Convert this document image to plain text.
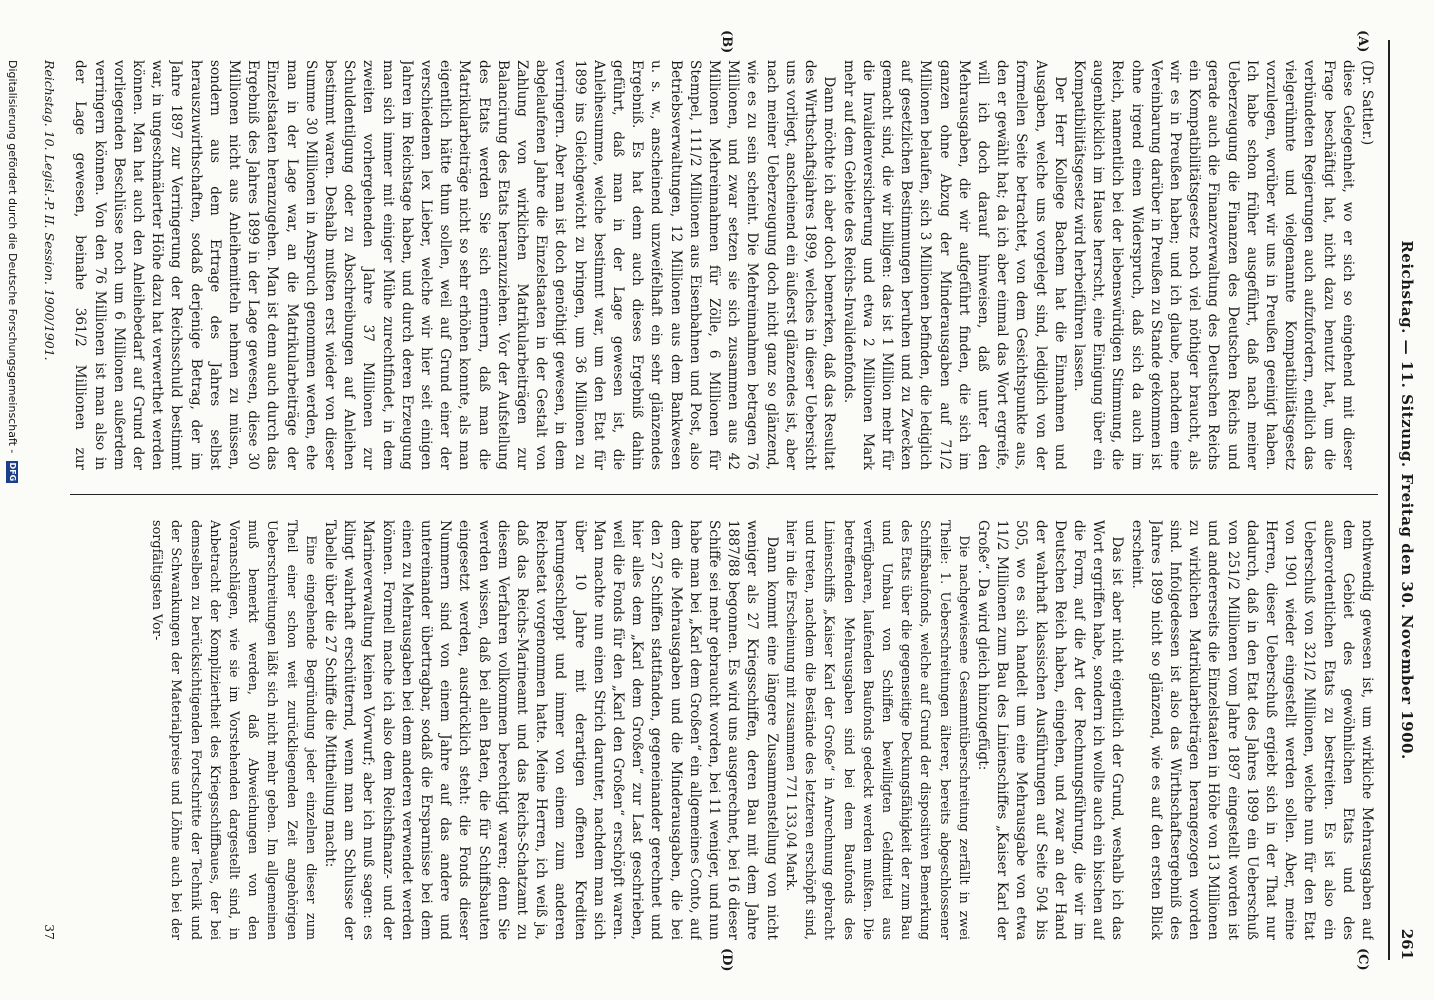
Reichstag. — 11. Sitzung. Freitag den 30. November 1900.
261
(A)
(B)
(C)
(D)

(Dr. Sattler.)

diese Gelegenheit, wo er sich so eingehend mit dieser Frage beschäftigt hat, nicht dazu benutzt hat, um die verbündeten Regierungen auch aufzufordern, endlich das vielgerühmte und vielgenannte Kompatibilitätsgesetz vorzulegen, worüber wir uns in Preußen geeinigt haben. Ich habe schon früher ausgeführt, daß nach meiner Ueberzeugung die Finanzen des Deutschen Reichs und gerade auch die Finanzverwaltung des Deutschen Reichs ein Kompatibilitätsgesetz noch viel nöthiger braucht, als wir es in Preußen haben; und ich glaube, nachdem eine Vereinbarung darüber in Preußen zu Stande gekommen ist ohne irgend einen Widerspruch, daß sich da auch im Reich, namentlich bei der liebenswürdigen Stimmung, die augenblicklich im Hause herrscht, eine Einigung über ein Kompatibilitätsgesetz wird herbeiführen lassen.

Der Herr Kollege Bachem hat die Einnahmen und Ausgaben, welche uns vorgelegt sind, lediglich von der formellen Seite betrachtet, von dem Gesichtspunkte aus, den er gewählt hat; da ich aber einmal das Wort ergreife, will ich doch darauf hinweisen, daß unter den Mehrausgaben, die wir aufgeführt finden, die sich im ganzen ohne Abzug der Minderausgaben auf 71/2 Millionen belaufen, sich 3 Millionen befinden, die lediglich auf gesetzlichen Bestimmungen beruhen und zu Zwecken gemacht sind, die wir billigen: das ist 1 Million mehr für die Invalidenversicherung und etwa 2 Millionen Mark mehr auf dem Gebiete des Reichs-Invalidenfonds.

Dann möchte ich aber doch bemerken, daß das Resultat des Wirthschaftsjahres 1899, welches in dieser Uebersicht uns vorliegt, anscheinend ein äußerst glänzendes ist, aber nach meiner Ueberzeugung doch nicht ganz so glänzend, wie es zu sein scheint. Die Mehreinnahmen betragen 76 Millionen, und zwar setzen sie sich zusammen aus 42 Millionen Mehreinnahmen für Zölle, 6 Millionen für Stempel, 111/2 Millionen aus Eisenbahnen und Post, also Betriebsverwaltungen, 12 Millionen aus dem Bankwesen u. s. w., anscheinend unzweifelhaft ein sehr glänzendes Ergebniß. Es hat denn auch dieses Ergebniß dahin geführt, daß man in der Lage gewesen ist, die Anleihesumme, welche bestimmt war, um den Etat für 1899 ins Gleichgewicht zu bringen, um 36 Millionen zu verringern. Aber man ist doch genöthigt gewesen, in dem abgelaufenen Jahre die Einzelstaaten in der Gestalt von Zahlung von wirklichen Matrikularbeiträgen zur Balancirung des Etats heranzuziehen. Vor der Aufstellung des Etats werden Sie sich erinnern, daß man die Matrikularbeiträge nicht so sehr erhöhen konnte, als man eigentlich hätte thun sollen, weil auf Grund einer der verschiedenen lex Lieber, welche wir hier seit einigen Jahren im Reichstage haben, und durch deren Erzeugung man sich immer mit einiger Mühe zurechtfindet, in dem zweiten vorhergehenden Jahre 37 Millionen zur Schuldentilgung oder zu Abschreibungen auf Anleihen bestimmt waren. Deshalb mußten erst wieder von dieser Summe 30 Millionen in Anspruch genommen werden, ehe man in der Lage war, an die Matrikularbeiträge der Einzelstaaten heranzugehen. Man ist denn auch durch das Ergebniß des Jahres 1899 in der Lage gewesen, diese 30 Millionen nicht aus Anleihemitteln nehmen zu müssen, sondern aus dem Ertrage des Jahres selbst herauszuwirthschaften, sodaß derjenige Betrag, der im Jahre 1897 zur Verringerung der Reichsschuld bestimmt war, in ungeschmälerter Höhe dazu hat verwerthet werden können. Man hat auch den Anleihebedarf auf Grund der vorliegenden Beschlüsse noch um 6 Millionen außerdem verringern können. Von den 76 Millionen ist man also in der Lage gewesen, beinahe 361/2 Millionen zur

nothwendig gewesen ist, um wirkliche Mehrausgaben auf dem Gebiet des gewöhnlichen Etats und des außerordentlichen Etats zu bestreiten. Es ist also ein Ueberschuß von 321/2 Millionen, welche nun für den Etat von 1901 wieder eingestellt werden sollen. Aber, meine Herren, dieser Ueberschuß ergiebt sich in der That nur dadurch, daß in den Etat des Jahres 1899 ein Ueberschuß von 251/2 Millionen vom Jahre 1897 eingestellt worden ist und andererseits die Einzelstaaten in Höhe von 13 Millionen zu wirklichen Matrikularbeiträgen herangezogen worden sind. Infolgedessen ist also das Wirthschaftsergebniß des Jahres 1899 nicht so glänzend, wie es auf den ersten Blick erscheint.

Das ist aber nicht eigentlich der Grund, weshalb ich das Wort ergriffen habe, sondern ich wollte auch ein bischen auf die Form, auf die Art der Rechnungsführung, die wir im Deutschen Reich haben, eingehen, und zwar an der Hand der wahrhaft klassischen Ausführungen auf Seite 504 bis 505, wo es sich handelt um eine Mehrausgabe von etwa 11/2 Millionen zum Bau des Linienschiffes „Kaiser Karl der Große“. Da wird gleich hinzugefügt:

Die nachgewiesene Gesammtüberschreitung zerfällt in zwei Theile: 1. Ueberschreitungen älterer, bereits abgeschlossener Schiffsbaufonds, welche auf Grund der dispositiven Bemerkung des Etats über die gegenseitige Deckungsfähigkeit der zum Bau und Umbau von Schiffen bewilligten Geldmittel aus verfügbaren, laufenden Baufonds gedeckt werden mußten. Die betreffenden Mehrausgaben sind bei dem Baufonds des Linienschiffs „Kaiser Karl der Große“ in Anrechnung gebracht und treten, nachdem die Bestände des letzteren erschöpft sind, hier in die Erscheinung mit zusammen 771 133,04 Mark.

Dann kommt eine längere Zusammenstellung von nicht weniger als 27 Kriegsschiffen, deren Bau mit dem Jahre 1887/88 begonnen. Es wird uns ausgerechnet, bei 16 dieser Schiffe sei mehr gebraucht worden, bei 11 weniger, und nun habe man bei „Karl dem Großen“ ein allgemeines Conto, auf dem die Mehrausgaben und die Minderausgaben, die bei den 27 Schiffen stattfanden, gegeneinander gerechnet und hier alles dem „Karl dem Großen“ zur Last geschrieben, weil die Fonds für den „Karl den Großen“ erschöpft waren. Man machte nun einen Strich darunter, nachdem man sich über 10 Jahre mit derartigen offenen Krediten herumgeschleppt und immer von einem zum anderen Reichsetat vorgenommen hatte. Meine Herren, ich weiß ja, daß das Reichs-Marineamt und das Reichs-Schatzamt zu diesem Verfahren vollkommen berechtigt waren; denn Sie werden wissen, daß bei allen Baten, die für Schiffsbauten eingesetzt werden, ausdrücklich steht: die Fonds dieser Nummern sind von einem Jahre auf das andere und untereinander übertragbar, sodaß die Ersparnisse bei dem einen zu Mehrausgaben bei dem anderen verwendet werden können. Formell mache ich also dem Reichsfinanz- und der Marineverwaltung keinen Vorwurf; aber ich muß sagen: es klingt wahrhaft erschütternd, wenn man am Schlusse der Tabelle über die 27 Schiffe die Mittheilung macht:

Eine eingehende Begründung jeder einzelnen dieser zum Theil einer schon weit zurückliegenden Zeit angehörigen Ueberschreitungen läßt sich nicht mehr geben. Im allgemeinen muß bemerkt werden, daß Abweichungen von den Voranschlägen, wie sie im Vorstehenden dargestellt sind, in Anbetracht der Kompliziertheit des Kriegsschiffbaues, der bei demselben zu berücksichtigenden Fortschritte der Technik und der Schwankungen der Materialpreise und Löhne auch bei der sorgfältigsten Vor-

Reichstag. 10. Legisl.-P. II. Session. 1900/1901.
37
Digitalisierung gefördert durch die Deutsche Forschungsgemeinschaft - DFG
